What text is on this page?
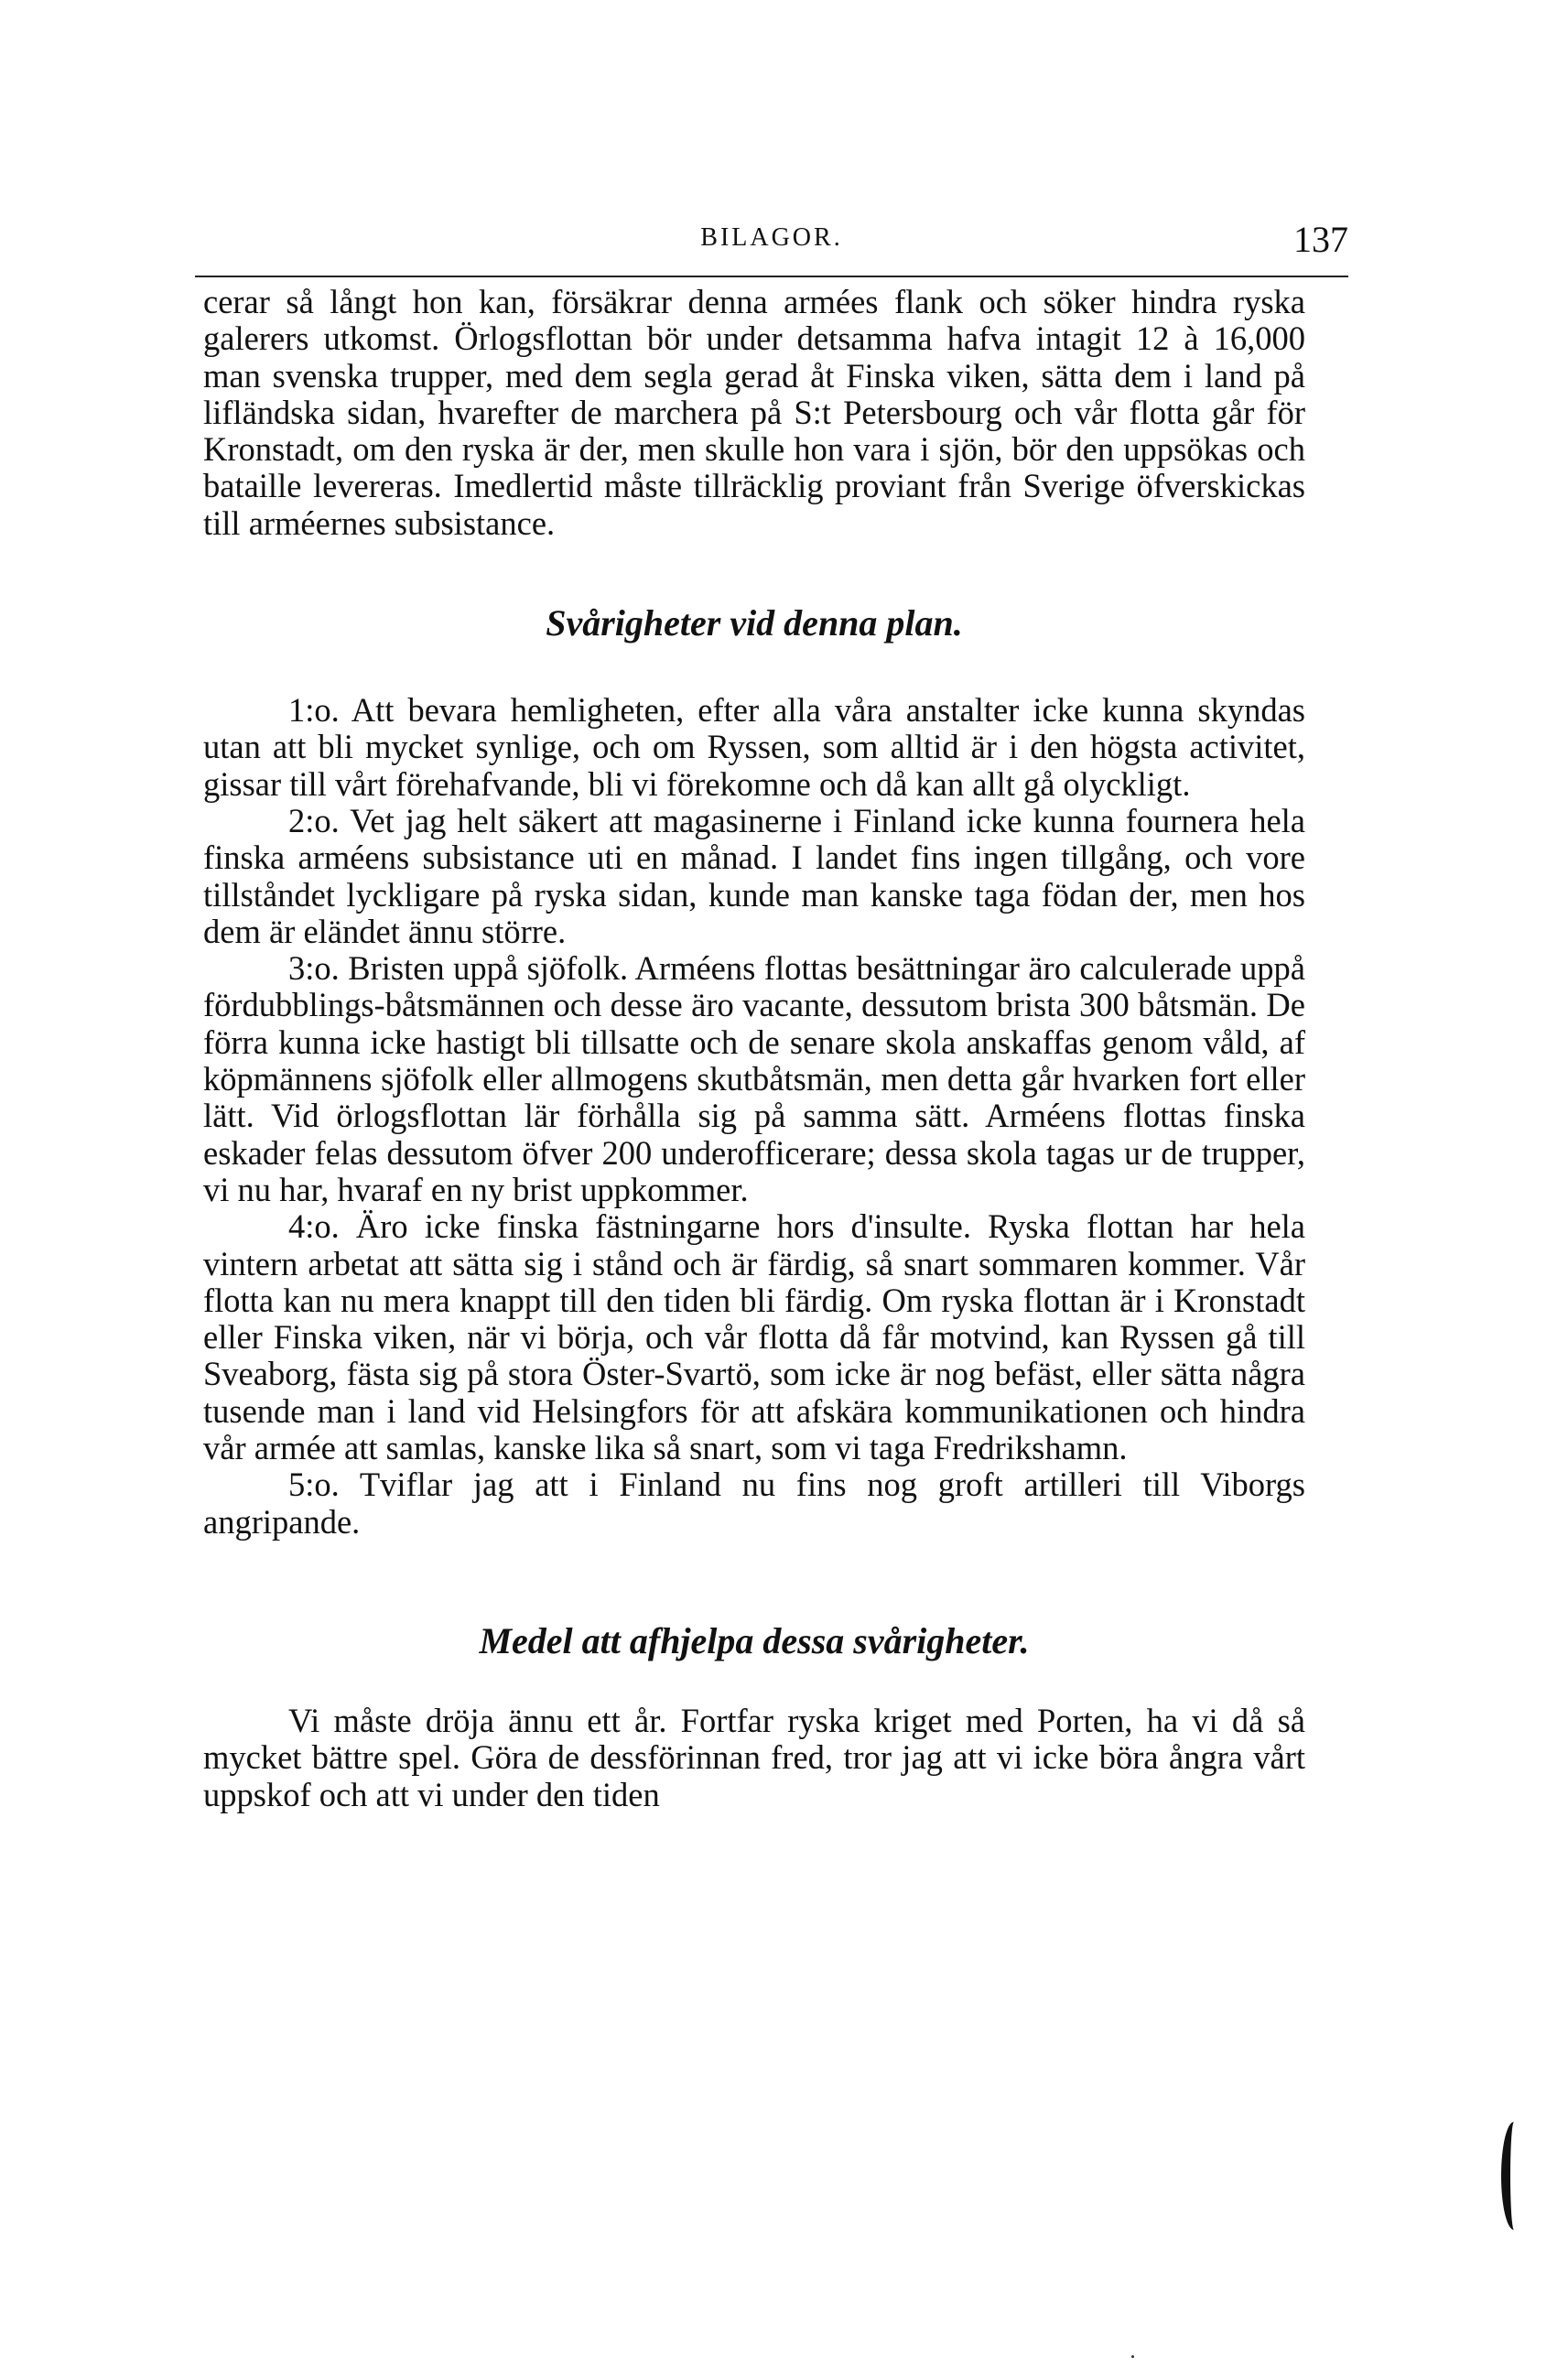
BILAGOR.	137

cerar så långt hon kan, försäkrar denna armées flank och söker hindra ryska galerers utkomst. Örlogsflottan bör under detsamma hafva intagit 12 à 16,000 man svenska trupper, med dem segla gerad åt Finska viken, sätta dem i land på lifländska sidan, hvarefter de marchera på S:t Petersbourg och vår flotta går för Kronstadt, om den ryska är der, men skulle hon vara i sjön, bör den uppsökas och bataille levereras. Imedlertid måste tillräcklig proviant från Sverige öfverskickas till arméernes subsistance.

Svårigheter vid denna plan.

1:o. Att bevara hemligheten, efter alla våra anstalter icke kunna skyndas utan att bli mycket synlige, och om Ryssen, som alltid är i den högsta activitet, gissar till vårt förehafvande, bli vi förekomne och då kan allt gå olyckligt.

2:o. Vet jag helt säkert att magasinerne i Finland icke kunna fournera hela finska arméens subsistance uti en månad. I landet fins ingen tillgång, och vore tillståndet lyckligare på ryska sidan, kunde man kanske taga födan der, men hos dem är eländet ännu större.

3:o. Bristen uppå sjöfolk. Arméens flottas besättningar äro calculerade uppå fördubblings-båtsmännen och desse äro vacante, dessutom brista 300 båtsmän. De förra kunna icke hastigt bli tillsatte och de senare skola anskaffas genom våld, af köpmännens sjöfolk eller allmogens skutbåtsmän, men detta går hvarken fort eller lätt. Vid örlogsflottan lär förhålla sig på samma sätt. Arméens flottas finska eskader felas dessutom öfver 200 underofficerare; dessa skola tagas ur de trupper, vi nu har, hvaraf en ny brist uppkommer.

4:o. Äro icke finska fästningarne hors d'insulte. Ryska flottan har hela vintern arbetat att sätta sig i stånd och är färdig, så snart sommaren kommer. Vår flotta kan nu mera knappt till den tiden bli färdig. Om ryska flottan är i Kronstadt eller Finska viken, när vi börja, och vår flotta då får motvind, kan Ryssen gå till Sveaborg, fästa sig på stora Öster-Svartö, som icke är nog befäst, eller sätta några tusende man i land vid Helsingfors för att afskära kommunikationen och hindra vår armée att samlas, kanske lika så snart, som vi taga Fredrikshamn.

5:o. Tviflar jag att i Finland nu fins nog groft artilleri till Viborgs angripande.

Medel att afhjelpa dessa svårigheter.

Vi måste dröja ännu ett år. Fortfar ryska kriget med Porten, ha vi då så mycket bättre spel. Göra de dessförinnan fred, tror jag att vi icke böra ångra vårt uppskof och att vi under den tiden
